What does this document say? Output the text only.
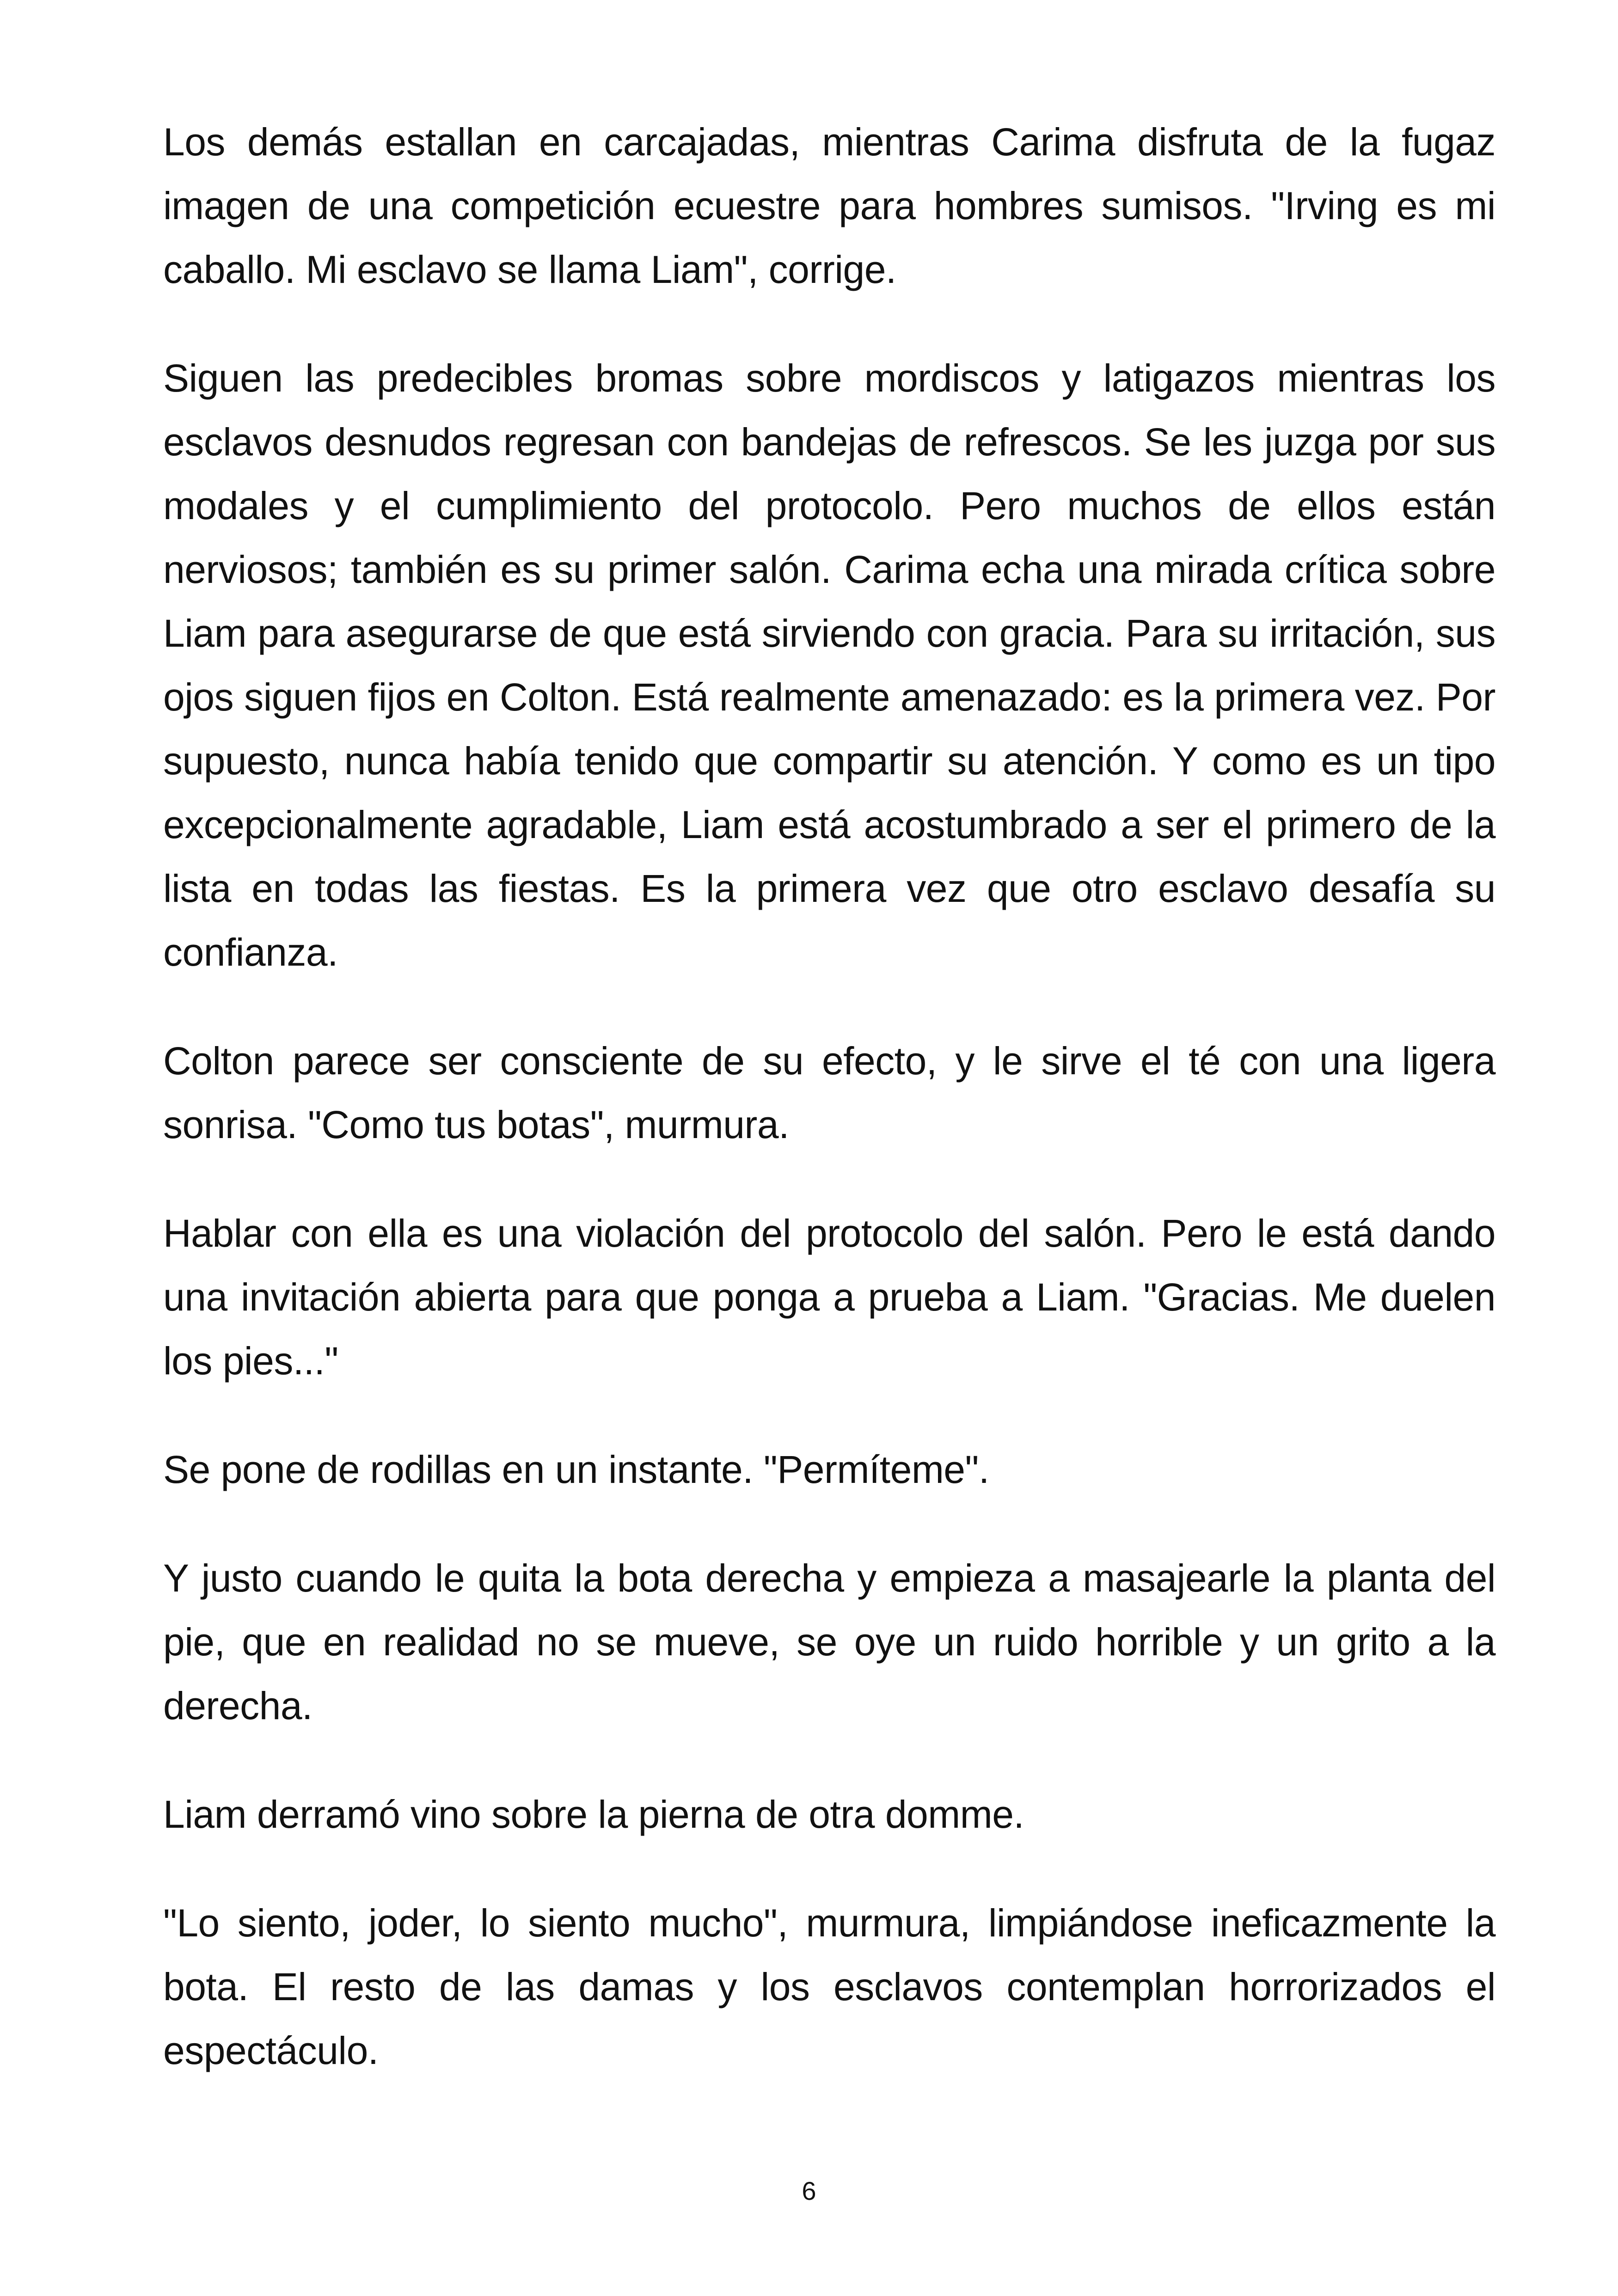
Los demás estallan en carcajadas, mientras Carima disfruta de la fugaz imagen de una competición ecuestre para hombres sumisos. "Irving es mi caballo. Mi esclavo se llama Liam", corrige.

Siguen las predecibles bromas sobre mordiscos y latigazos mientras los esclavos desnudos regresan con bandejas de refrescos. Se les juzga por sus modales y el cumplimiento del protocolo. Pero muchos de ellos están nerviosos; también es su primer salón. Carima echa una mirada crítica sobre Liam para asegurarse de que está sirviendo con gracia. Para su irritación, sus ojos siguen fijos en Colton. Está realmente amenazado: es la primera vez. Por supuesto, nunca había tenido que compartir su atención. Y como es un tipo excepcionalmente agradable, Liam está acostumbrado a ser el primero de la lista en todas las fiestas. Es la primera vez que otro esclavo desafía su confianza.

Colton parece ser consciente de su efecto, y le sirve el té con una ligera sonrisa. "Como tus botas", murmura.

Hablar con ella es una violación del protocolo del salón. Pero le está dando una invitación abierta para que ponga a prueba a Liam. "Gracias. Me duelen los pies..."

Se pone de rodillas en un instante. "Permíteme".

Y justo cuando le quita la bota derecha y empieza a masajearle la planta del pie, que en realidad no se mueve, se oye un ruido horrible y un grito a la derecha.

Liam derramó vino sobre la pierna de otra domme.

"Lo siento, joder, lo siento mucho", murmura, limpiándose ineficazmente la bota. El resto de las damas y los esclavos contemplan horrorizados el espectáculo.

6
